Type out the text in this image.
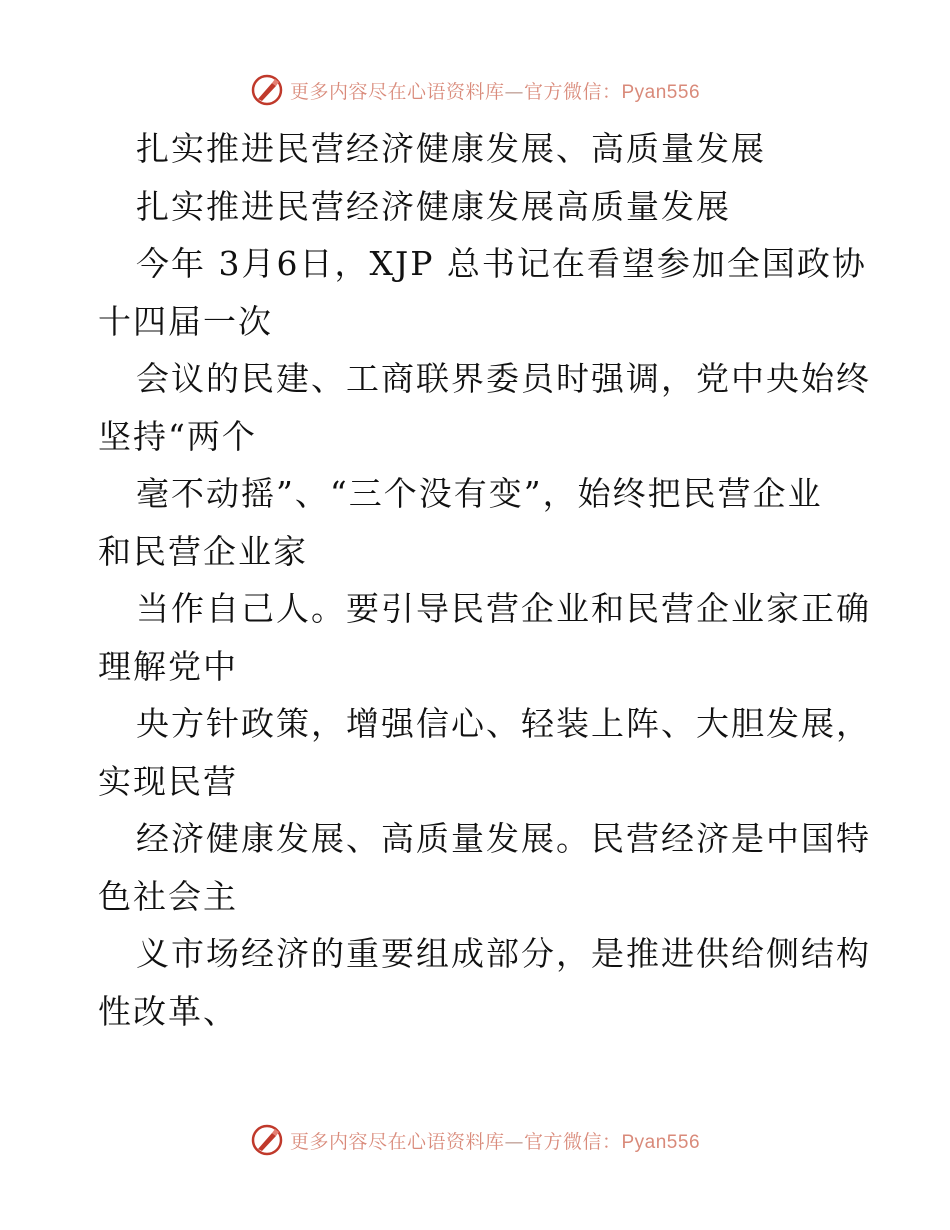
更多内容尽在心语资料库—官方微信：Pyan556
扎实推进民营经济健康发展、高质量发展
扎实推进民营经济健康发展高质量发展
今年 3月6日，XJP 总书记在看望参加全国政协
十四届一次
会议的民建、工商联界委员时强调，党中央始终
坚持“两个
毫不动摇”、“三个没有变”，始终把民营企业
和民营企业家
当作自己人。要引导民营企业和民营企业家正确
理解党中
央方针政策，增强信心、轻装上阵、大胆发展，
实现民营
经济健康发展、高质量发展。民营经济是中国特
色社会主
义市场经济的重要组成部分，是推进供给侧结构
性改革、
更多内容尽在心语资料库—官方微信：Pyan556
